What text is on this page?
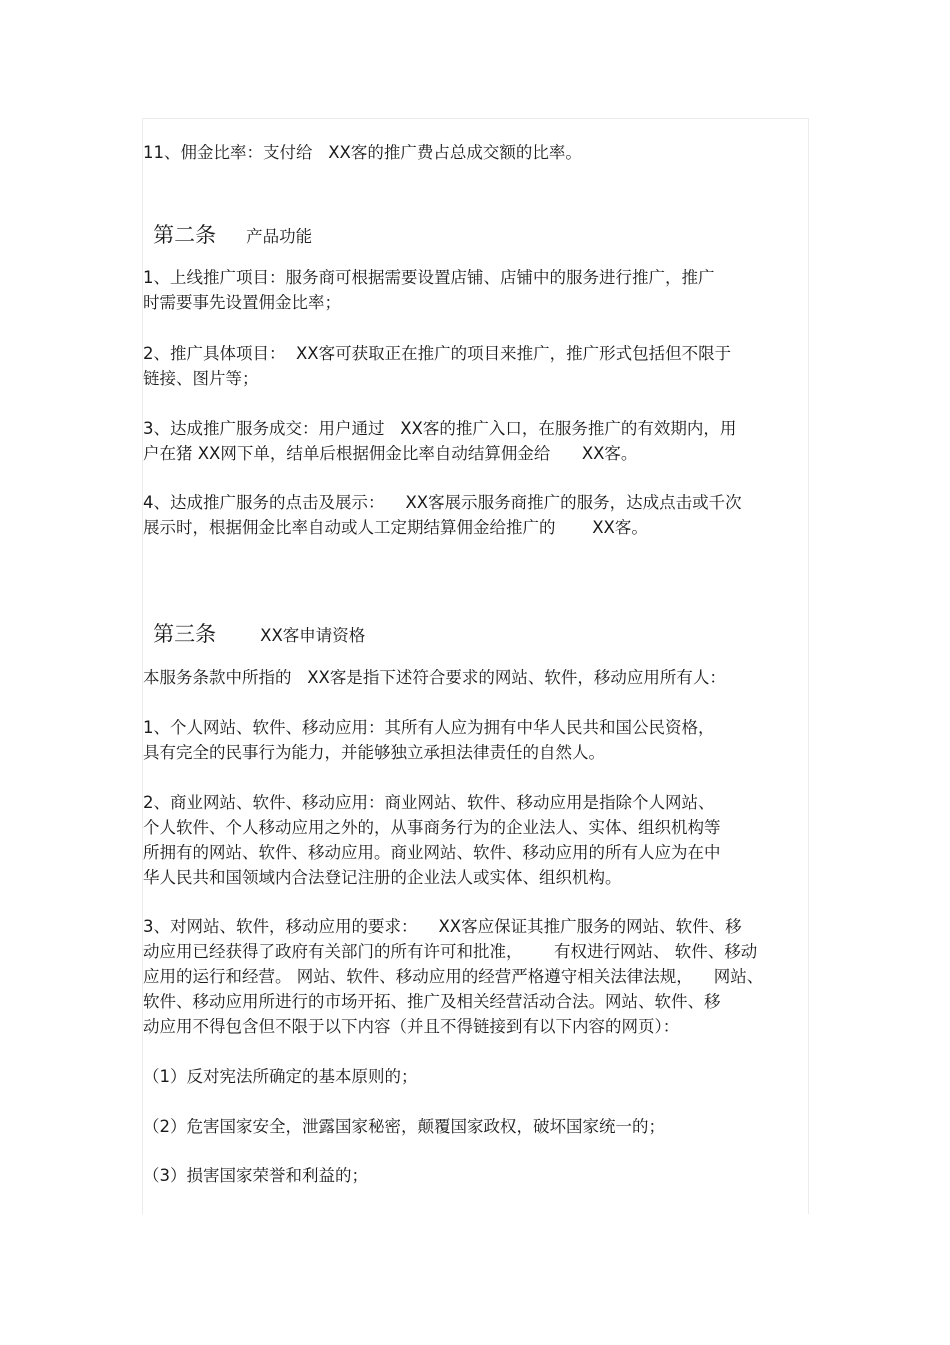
11、佣金比率：支付给   XX客的推广费占总成交额的比率。

第二条 产品功能

1、上线推广项目：服务商可根据需要设置店铺、店铺中的服务进行推广，推广
时需要事先设置佣金比率；
2、推广具体项目：  XX客可获取正在推广的项目来推广，推广形式包括但不限于
链接、图片等；
3、达成推广服务成交：用户通过   XX客的推广入口，在服务推广的有效期内，用
户在猪 XX网下单，结单后根据佣金比率自动结算佣金给      XX客。
4、达成推广服务的点击及展示：    XX客展示服务商推广的服务，达成点击或千次
展示时，根据佣金比率自动或人工定期结算佣金给推广的       XX客。

第三条	XX客申请资格

本服务条款中所指的   XX客是指下述符合要求的网站、软件，移动应用所有人：
1、个人网站、软件、移动应用：其所有人应为拥有中华人民共和国公民资格，
具有完全的民事行为能力，并能够独立承担法律责任的自然人。
2、商业网站、软件、移动应用：商业网站、软件、移动应用是指除个人网站、
个人软件、个人移动应用之外的，从事商务行为的企业法人、实体、组织机构等
所拥有的网站、软件、移动应用。商业网站、软件、移动应用的所有人应为在中
华人民共和国领域内合法登记注册的企业法人或实体、组织机构。
3、对网站、软件，移动应用的要求：    XX客应保证其推广服务的网站、软件、移
动应用已经获得了政府有关部门的所有许可和批准，      有权进行网站、 软件、移动
应用的运行和经营。 网站、软件、移动应用的经营严格遵守相关法律法规，    网站、
软件、移动应用所进行的市场开拓、推广及相关经营活动合法。网站、软件、移
动应用不得包含但不限于以下内容（并且不得链接到有以下内容的网页）：
（1）反对宪法所确定的基本原则的；
（2）危害国家安全，泄露国家秘密，颠覆国家政权，破坏国家统一的；
（3）损害国家荣誉和利益的；
